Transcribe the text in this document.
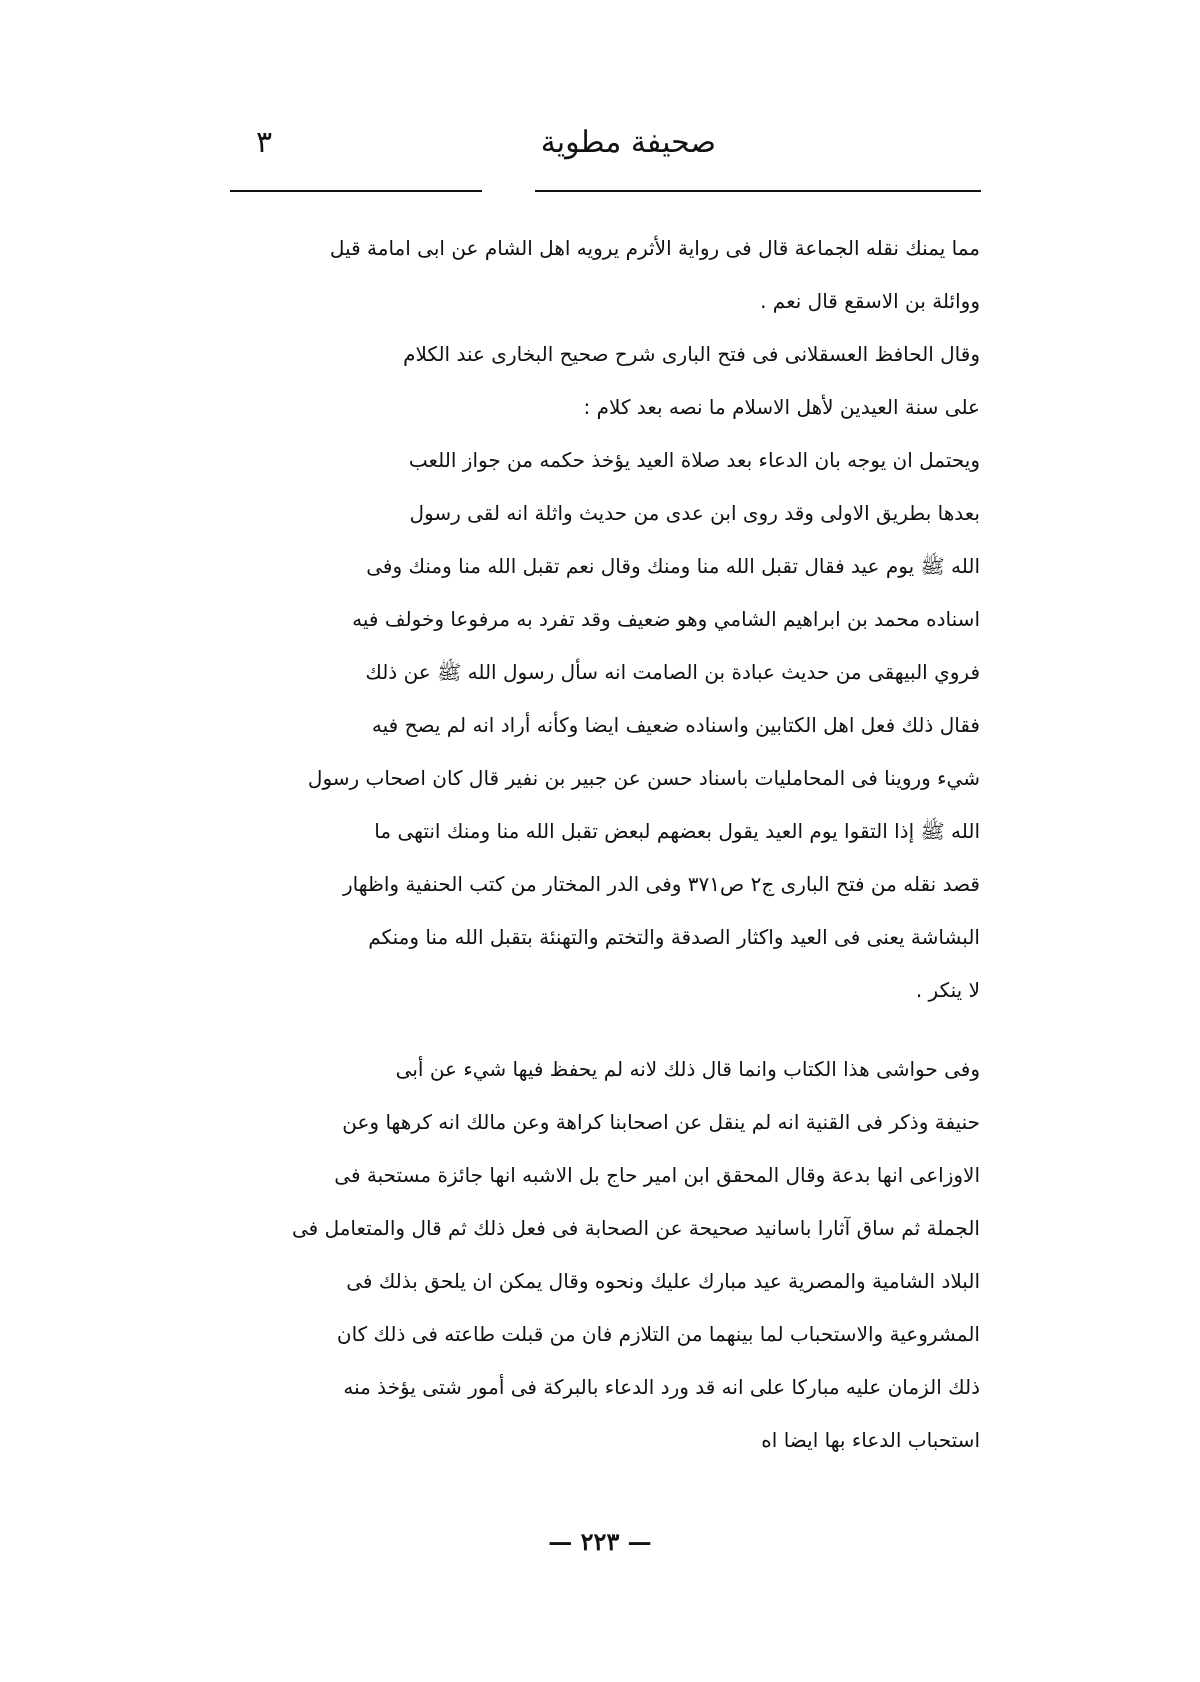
صحيفة مطوية
٣
مما يمنك نقله الجماعة قال فى رواية الأثرم يرويه اهل الشام عن ابى امامة قيل
ووائلة بن الاسقع قال نعم .
وقال الحافظ العسقلانى فى فتح البارى شرح صحيح البخارى عند الكلام
على سنة العيدين لأهل الاسلام ما نصه بعد كلام :
ويحتمل ان يوجه بان الدعاء بعد صلاة العيد يؤخذ حكمه من جواز اللعب
بعدها بطريق الاولى وقد روى ابن عدى من حديث واثلة انه لقى رسول
الله ﷺ يوم عيد فقال تقبل الله منا ومنك وقال نعم تقبل الله منا ومنك وفى
اسناده محمد بن ابراهيم الشامي وهو ضعيف وقد تفرد به مرفوعا وخولف فيه
فروي البيهقى من حديث عبادة بن الصامت انه سأل رسول الله ﷺ عن ذلك
فقال ذلك فعل اهل الكتابين واسناده ضعيف ايضا وكأنه أراد انه لم يصح فيه
شيء وروينا فى المحامليات باسناد حسن عن جبير بن نفير قال كان اصحاب رسول
الله ﷺ إذا التقوا يوم العيد يقول بعضهم لبعض تقبل الله منا ومنك انتهى ما
قصد نقله من فتح البارى ج٢ ص٣٧١ وفى الدر المختار من كتب الحنفية واظهار
البشاشة يعنى فى العيد واكثار الصدقة والتختم والتهنئة بتقبل الله منا ومنكم
لا ينكر .
وفى حواشى هذا الكتاب وانما قال ذلك لانه لم يحفظ فيها شيء عن أبى
حنيفة وذكر فى القنية انه لم ينقل عن اصحابنا كراهة وعن مالك انه كرهها وعن
الاوزاعى انها بدعة وقال المحقق ابن امير حاج بل الاشبه انها جائزة مستحبة فى
الجملة ثم ساق آثارا باسانيد صحيحة عن الصحابة فى فعل ذلك ثم قال والمتعامل فى
البلاد الشامية والمصرية عيد مبارك عليك ونحوه وقال يمكن ان يلحق بذلك فى
المشروعية والاستحباب لما بينهما من التلازم فان من قبلت طاعته فى ذلك كان
ذلك الزمان عليه مباركا على انه قد ورد الدعاء بالبركة فى أمور شتى يؤخذ منه
استحباب الدعاء بها ايضا اه
— ٢٢٣ —
